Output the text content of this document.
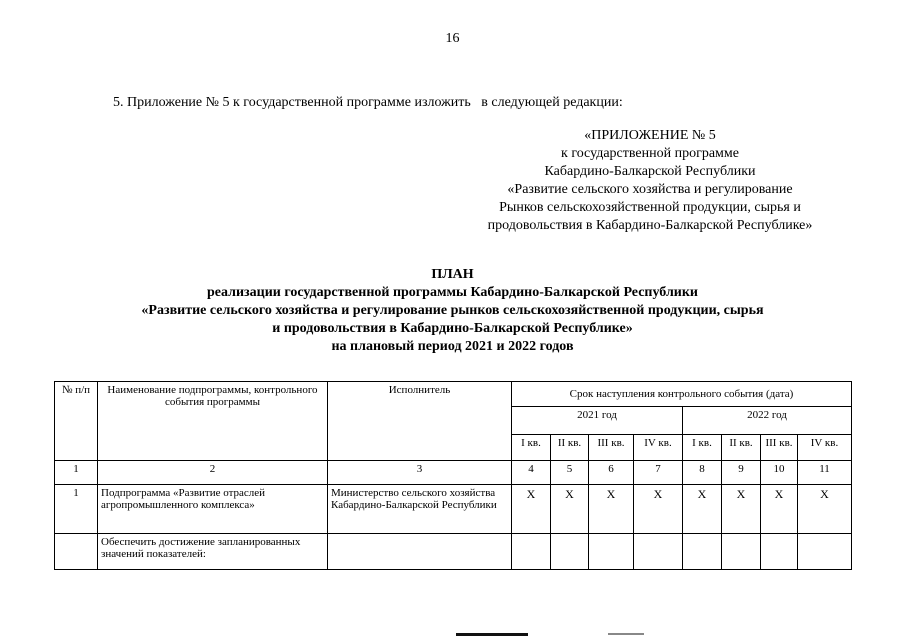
16
5. Приложение № 5 к государственной программе изложить   в следующей редакции:
«ПРИЛОЖЕНИЕ № 5
к государственной программе
Кабардино-Балкарской Республики
«Развитие сельского хозяйства и регулирование
Рынков сельскохозяйственной продукции, сырья и
продовольствия в Кабардино-Балкарской Республике»
ПЛАН
реализации государственной программы Кабардино-Балкарской Республики
«Развитие сельского хозяйства и регулирование рынков сельскохозяйственной продукции, сырья
и продовольствия в Кабардино-Балкарской Республике»
на плановый период 2021 и 2022 годов
№ п/п	Наименование подпрограммы, контрольного события программы	Исполнитель	Срок наступления контрольного события (дата)							
			2021 год				2022 год			
			I кв.	II кв.	III кв.	IV кв.	I кв.	II кв.	III кв.	IV кв.
1	2	3	4	5	6	7	8	9	10	11
1	Подпрограмма «Развитие отраслей агропромышленного комплекса»	Министерство сельского хозяйства Кабардино-Балкарской Республики	X	X	X	X	X	X	X	X
	Обеспечить достижение запланированных значений показателей:									
